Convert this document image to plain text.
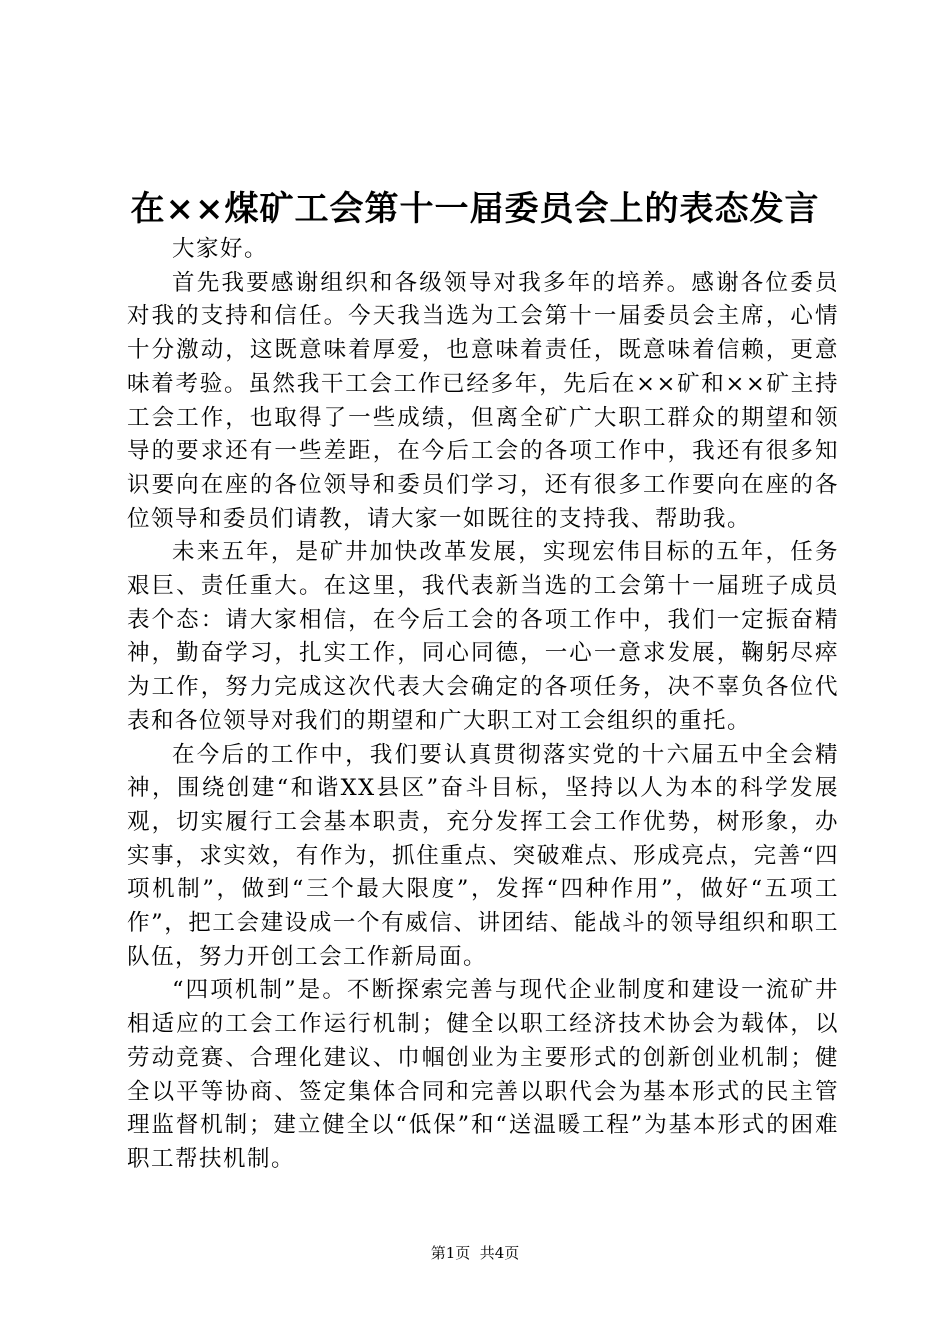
在××煤矿工会第十一届委员会上的表态发言

大家好。

首先我要感谢组织和各级领导对我多年的培养。感谢各位委员对我的支持和信任。今天我当选为工会第十一届委员会主席，心情十分激动，这既意味着厚爱，也意味着责任，既意味着信赖，更意味着考验。虽然我干工会工作已经多年，先后在××矿和××矿主持工会工作，也取得了一些成绩，但离全矿广大职工群众的期望和领导的要求还有一些差距，在今后工会的各项工作中，我还有很多知识要向在座的各位领导和委员们学习，还有很多工作要向在座的各位领导和委员们请教，请大家一如既往的支持我、帮助我。

未来五年，是矿井加快改革发展，实现宏伟目标的五年，任务艰巨、责任重大。在这里，我代表新当选的工会第十一届班子成员表个态：请大家相信，在今后工会的各项工作中，我们一定振奋精神，勤奋学习，扎实工作，同心同德，一心一意求发展，鞠躬尽瘁为工作，努力完成这次代表大会确定的各项任务，决不辜负各位代表和各位领导对我们的期望和广大职工对工会组织的重托。

在今后的工作中，我们要认真贯彻落实党的十六届五中全会精神，围绕创建“和谐XX县区”奋斗目标，坚持以人为本的科学发展观，切实履行工会基本职责，充分发挥工会工作优势，树形象，办实事，求实效，有作为，抓住重点、突破难点、形成亮点，完善“四项机制”，做到“三个最大限度”，发挥“四种作用”，做好“五项工作”，把工会建设成一个有威信、讲团结、能战斗的领导组织和职工队伍，努力开创工会工作新局面。

“四项机制”是。不断探索完善与现代企业制度和建设一流矿井相适应的工会工作运行机制；健全以职工经济技术协会为载体，以劳动竞赛、合理化建议、巾帼创业为主要形式的创新创业机制；健全以平等协商、签定集体合同和完善以职代会为基本形式的民主管理监督机制；建立健全以“低保”和“送温暖工程”为基本形式的困难职工帮扶机制。

第1页  共4页
